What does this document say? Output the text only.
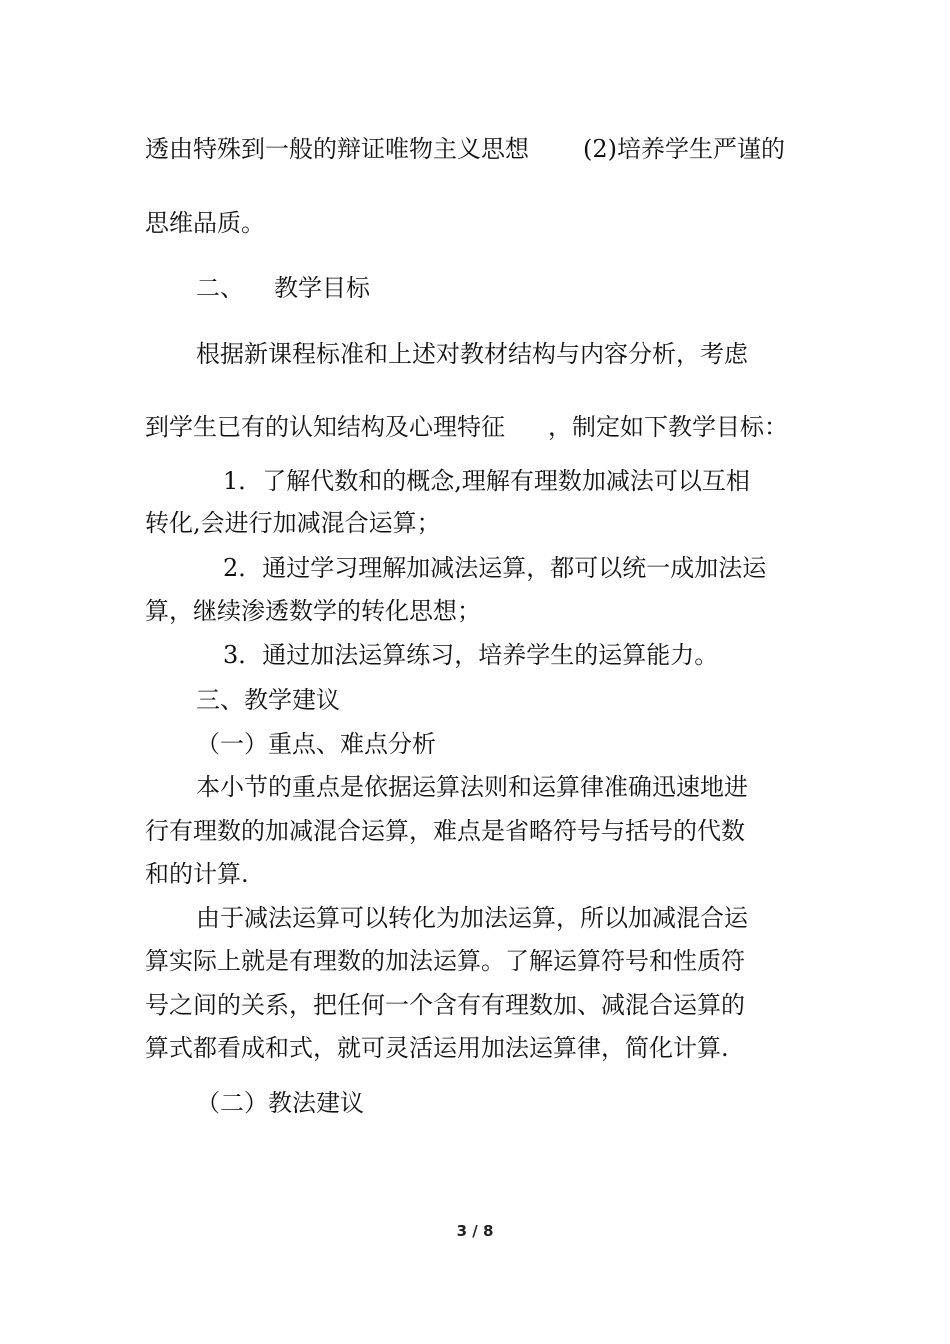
透由特殊到一般的辩证唯物主义思想 (2)培养学生严谨的
思维品质。
二、 教学目标
根据新课程标准和上述对教材结构与内容分析，考虑
到学生已有的认知结构及心理特征 ，制定如下教学目标：
1．了解代数和的概念,理解有理数加减法可以互相
转化,会进行加减混合运算；
2．通过学习理解加减法运算，都可以统一成加法运
算，继续渗透数学的转化思想；
3．通过加法运算练习，培养学生的运算能力。
三、教学建议
（一）重点、难点分析
本小节的重点是依据运算法则和运算律准确迅速地进
行有理数的加减混合运算，难点是省略符号与括号的代数
和的计算.
由于减法运算可以转化为加法运算，所以加减混合运
算实际上就是有理数的加法运算。了解运算符号和性质符
号之间的关系，把任何一个含有有理数加、减混合运算的
算式都看成和式，就可灵活运用加法运算律，简化计算.
（二）教法建议
3 / 8
